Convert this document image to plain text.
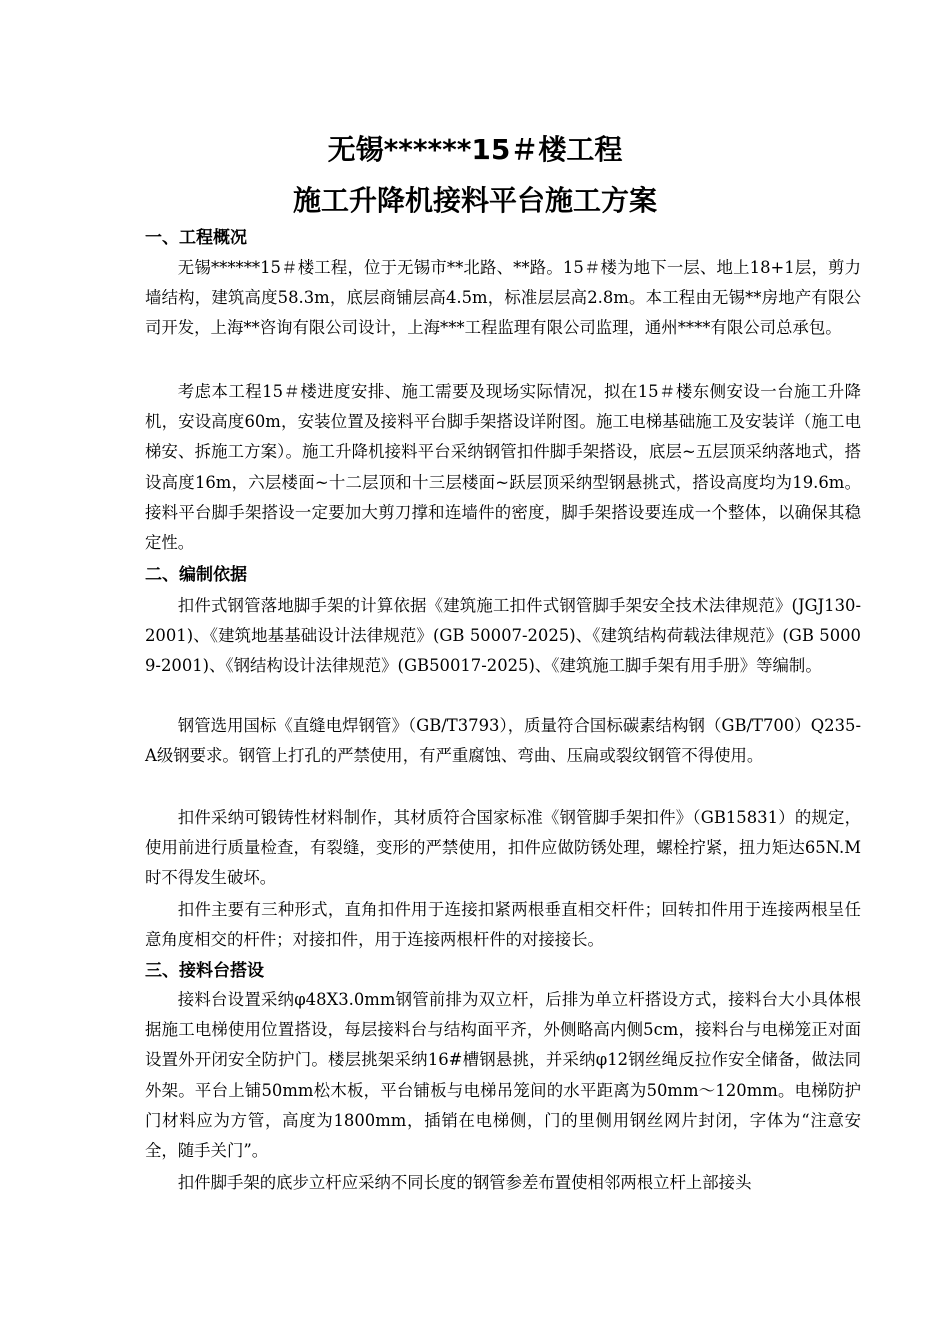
无锡******15＃楼工程
施工升降机接料平台施工方案
一、工程概况

无锡******15＃楼工程，位于无锡市**北路、**路。15＃楼为地下一层、地上18+1层，剪力墙结构，建筑高度58.3m，底层商铺层高4.5m，标准层层高2.8m。本工程由无锡**房地产有限公司开发，上海**咨询有限公司设计，上海***工程监理有限公司监理，通州****有限公司总承包。

考虑本工程15＃楼进度安排、施工需要及现场实际情况，拟在15＃楼东侧安设一台施工升降机，安设高度60m，安装位置及接料平台脚手架搭设详附图。施工电梯基础施工及安装详（施工电梯安、拆施工方案）。施工升降机接料平台采纳钢管扣件脚手架搭设，底层~五层顶采纳落地式，搭设高度16m，六层楼面~十二层顶和十三层楼面~跃层顶采纳型钢悬挑式，搭设高度均为19.6m。接料平台脚手架搭设一定要加大剪刀撑和连墙件的密度，脚手架搭设要连成一个整体，以确保其稳定性。

二、编制依据

扣件式钢管落地脚手架的计算依据《建筑施工扣件式钢管脚手架安全技术法律规范》(JGJ130-2001)、《建筑地基基础设计法律规范》(GB 50007-2025)、《建筑结构荷载法律规范》(GB 50009-2001)、《钢结构设计法律规范》(GB50017-2025)、《建筑施工脚手架有用手册》等编制。

钢管选用国标《直缝电焊钢管》（GB/T3793），质量符合国标碳素结构钢（GB/T700）Q235-A级钢要求。钢管上打孔的严禁使用，有严重腐蚀、弯曲、压扁或裂纹钢管不得使用。

扣件采纳可锻铸性材料制作，其材质符合国家标准《钢管脚手架扣件》（GB15831）的规定，使用前进行质量检查，有裂缝，变形的严禁使用，扣件应做防锈处理，螺栓拧紧，扭力矩达65N.M时不得发生破坏。

扣件主要有三种形式，直角扣件用于连接扣紧两根垂直相交杆件；回转扣件用于连接两根呈任意角度相交的杆件；对接扣件，用于连接两根杆件的对接接长。

三、接料台搭设

接料台设置采纳φ48X3.0mm钢管前排为双立杆，后排为单立杆搭设方式，接料台大小具体根据施工电梯使用位置搭设，每层接料台与结构面平齐，外侧略高内侧5cm，接料台与电梯笼正对面设置外开闭安全防护门。楼层挑架采纳16#槽钢悬挑，并采纳φ12钢丝绳反拉作安全储备，做法同外架。平台上铺50mm松木板，平台铺板与电梯吊笼间的水平距离为50mm～120mm。电梯防护门材料应为方管，高度为1800mm，插销在电梯侧，门的里侧用钢丝网片封闭，字体为“注意安全，随手关门”。

扣件脚手架的底步立杆应采纳不同长度的钢管参差布置使相邻两根立杆上部接头
